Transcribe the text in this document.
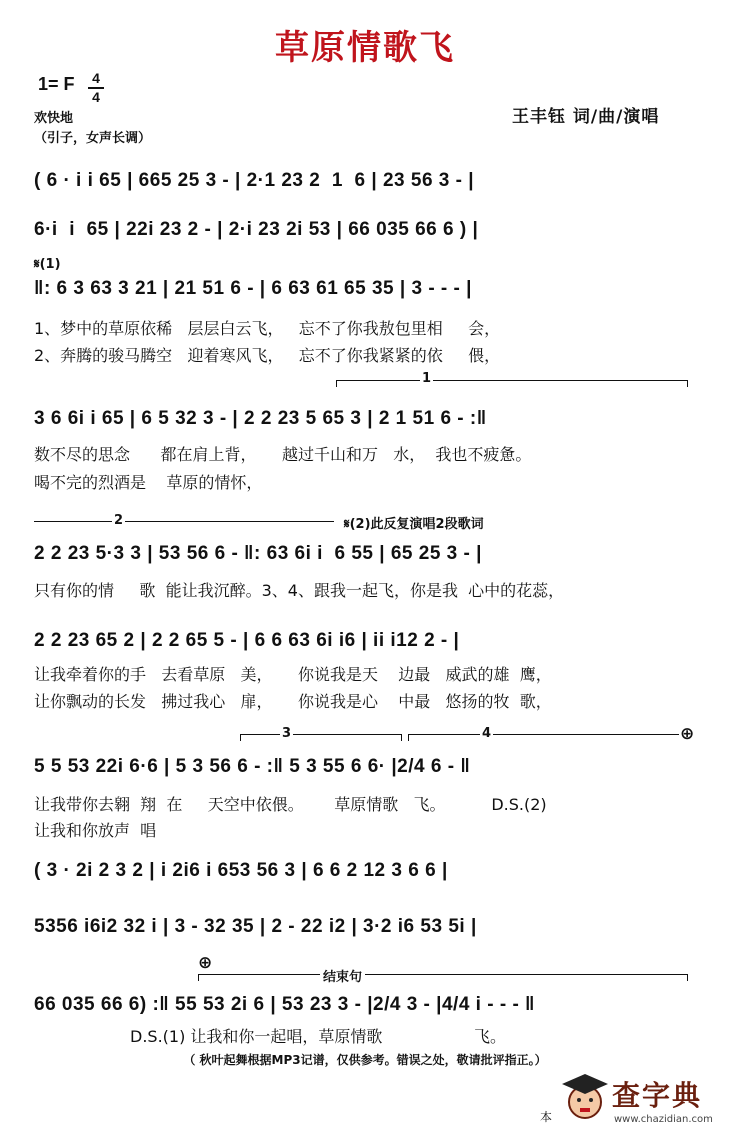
草原情歌飞
1= F 4
4
欢快地
（引子，女声长调）
王丰钰 词/曲/演唱
( 6 · i i 65 | 665 25 3 - | 2·1 23 2  1  6 | 23 56 3 - |
6·i  i  65 | 22i 23 2 - | 2·i 23 2i 53 | 66 035 66 6 ) |
𝄋(1)
‖: 6 3 63 3 21 | 21 51 6 - | 6 63 61 65 35 | 3 - - - |
1、梦中的草原依稀   层层白云飞，   忘不了你我敖包里相     会，
2、奔腾的骏马腾空   迎着寒风飞，   忘不了你我紧紧的依     偎，
1
3 6 6i i 65 | 6 5 32 3 - | 2 2 23 5 65 3 | 2 1 51 6 - :‖
数不尽的思念      都在肩上背，     越过千山和万   水，  我也不疲惫。
喝不完的烈酒是    草原的情怀，
2	𝄋(2)此反复演唱2段歌词
2 2 23 5·3 3 | 53 56 6 - ‖: 63 6i i  6 55 | 65 25 3 - |
只有你的情     歌  能让我沉醉。3、4、跟我一起飞，你是我  心中的花蕊，
2 2 23 65 2 | 2 2 65 5 - | 6 6 63 6i i6 | ii i12 2 - |
让我牵着你的手   去看草原   美，     你说我是天    边最   威武的雄  鹰，
让你飘动的长发   拂过我心   扉，     你说我是心    中最   悠扬的牧  歌，
3	4	⊕
5 5 53 22i 6·6 | 5 3 56 6 - :‖ 5 3 55 6 6· |2/4 6 - ‖
让我带你去翱  翔  在     天空中依偎。      草原情歌   飞。         D.S.(2)
让我和你放声  唱
( 3 · 2i 2 3 2 | i 2i6 i 653 56 3 | 6 6 2 12 3 6 6 |
5356 i6i2 32 i | 3 - 32 35 | 2 - 22 i2 | 3·2 i6 53 5i |
⊕
结束句
66 035 66 6) :‖ 55 53 2i 6 | 53 23 3 - |2/4 3 - |4/4 i - - - ‖
D.S.(1) 让我和你一起唱，草原情歌                  飞。
（ 秋叶起舞根据MP3记谱，仅供参考。错误之处，敬请批评指正。）
本
查字典
www.chazidian.com
